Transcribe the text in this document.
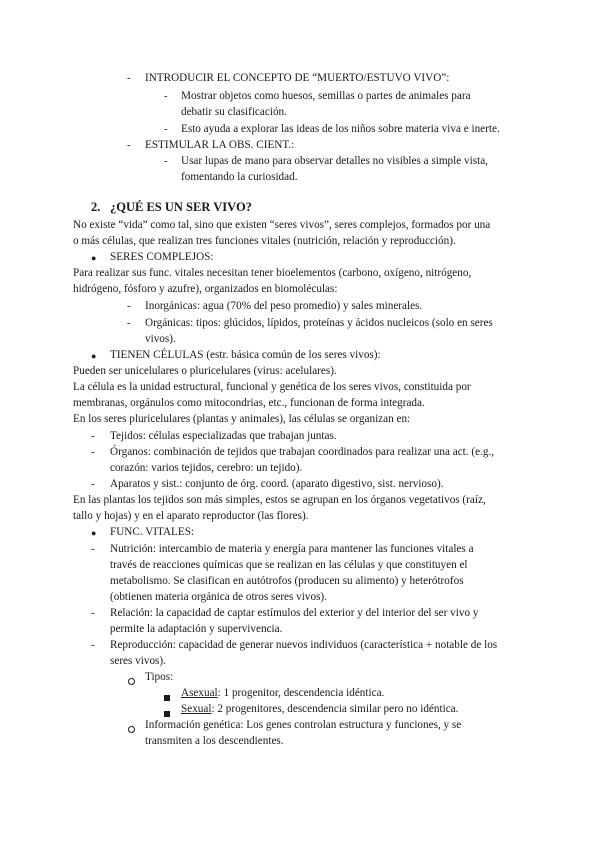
- INTRODUCIR EL CONCEPTO DE “MUERTO/ESTUVO VIVO”:
- Mostrar objetos como huesos, semillas o partes de animales para
debatir su clasificación.
- Esto ayuda a explorar las ideas de los niños sobre materia viva e inerte.
- ESTIMULAR LA OBS. CIENT.:
- Usar lupas de mano para observar detalles no visibles a simple vista,
fomentando la curiosidad.
2. ¿QUÉ ES UN SER VIVO?
No existe “vida” como tal, sino que existen “seres vivos”, seres complejos, formados por una
o más células, que realizan tres funciones vitales (nutrición, relación y reproducción).
● SERES COMPLEJOS:
Para realizar sus func. vitales necesitan tener bioelementos (carbono, oxígeno, nitrógeno,
hidrógeno, fósforo y azufre), organizados en biomoléculas:
- Inorgánicas: agua (70% del peso promedio) y sales minerales.
- Orgánicas: tipos: glúcidos, lípidos, proteínas y ácidos nucleicos (solo en seres
vivos).
● TIENEN CÉLULAS (estr. básica común de los seres vivos):
Pueden ser unicelulares o pluricelulares (virus: acelulares).
La célula es la unidad estructural, funcional y genética de los seres vivos, constituida por
membranas, orgánulos como mitocondrias, etc., funcionan de forma integrada.
En los seres pluricelulares (plantas y animales), las células se organizan en:
- Tejidos: células especializadas que trabajan juntas.
- Órganos: combinación de tejidos que trabajan coordinados para realizar una act. (e.g.,
corazón: varios tejidos, cerebro: un tejido).
- Aparatos y sist.: conjunto de órg. coord. (aparato digestivo, sist. nervioso).
En las plantas los tejidos son más simples, estos se agrupan en los órganos vegetativos (raíz,
tallo y hojas) y en el aparato reproductor (las flores).
● FUNC. VITALES:
- Nutrición: intercambio de materia y energía para mantener las funciones vitales a
través de reacciones químicas que se realizan en las células y que constituyen el
metabolismo. Se clasifican en autótrofos (producen su alimento) y heterótrofos
(obtienen materia orgánica de otros seres vivos).
- Relación: la capacidad de captar estímulos del exterior y del interior del ser vivo y
permite la adaptación y supervivencia.
- Reproducción: capacidad de generar nuevos individuos (característica + notable de los
seres vivos).
Tipos:
Asexual: 1 progenitor, descendencia idéntica.
Sexual: 2 progenitores, descendencia similar pero no idéntica.
Información genética: Los genes controlan estructura y funciones, y se
transmiten a los descendientes.
